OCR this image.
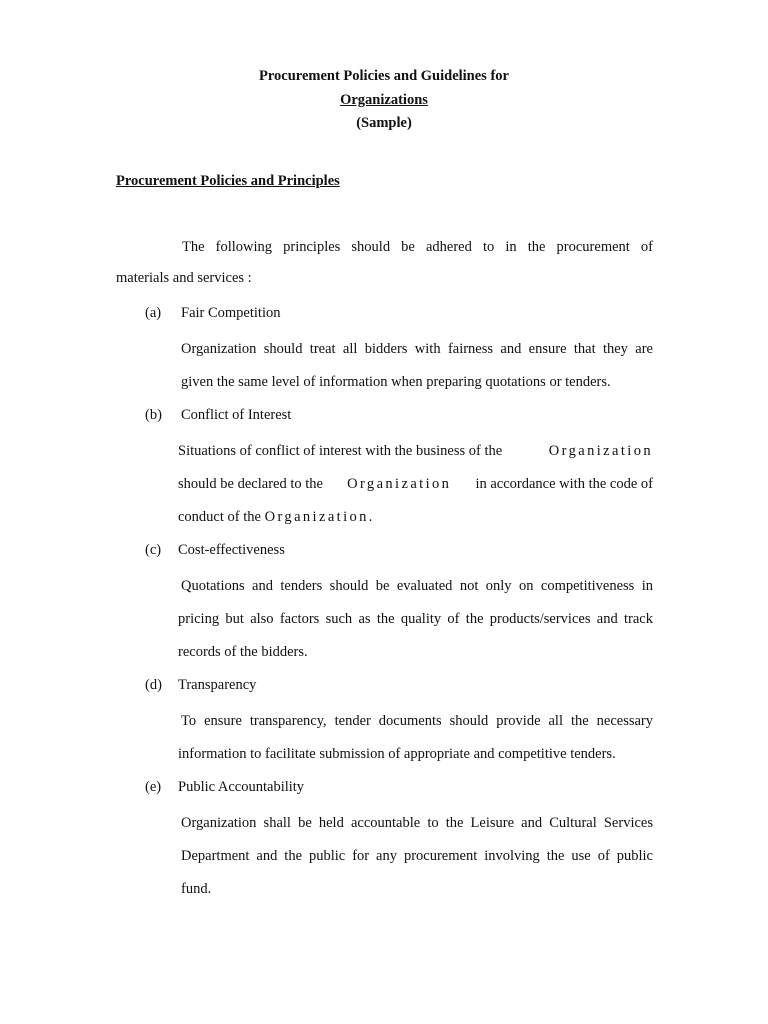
Procurement Policies and Guidelines for
Organizations
(Sample)
Procurement Policies and Principles
The following principles should be adhered to in the procurement of
materials and services :
(a) Fair Competition
Organization should treat all bidders with fairness and ensure that they are
given the same level of information when preparing quotations or tenders.
(b) Conflict of Interest
Situations of conflict of interest with the business of the	Organization
should be declared to the Organization in accordance with the code of
conduct of the Organization.
(c) Cost-effectiveness
Quotations and tenders should be evaluated not only on competitiveness in
pricing but also factors such as the quality of the products/services and track
records of the bidders.
(d) Transparency
To ensure transparency, tender documents should provide all the necessary
information to facilitate submission of appropriate and competitive tenders.
(e) Public Accountability
Organization shall be held accountable to the Leisure and Cultural Services
Department and the public for any procurement involving the use of public
fund.
